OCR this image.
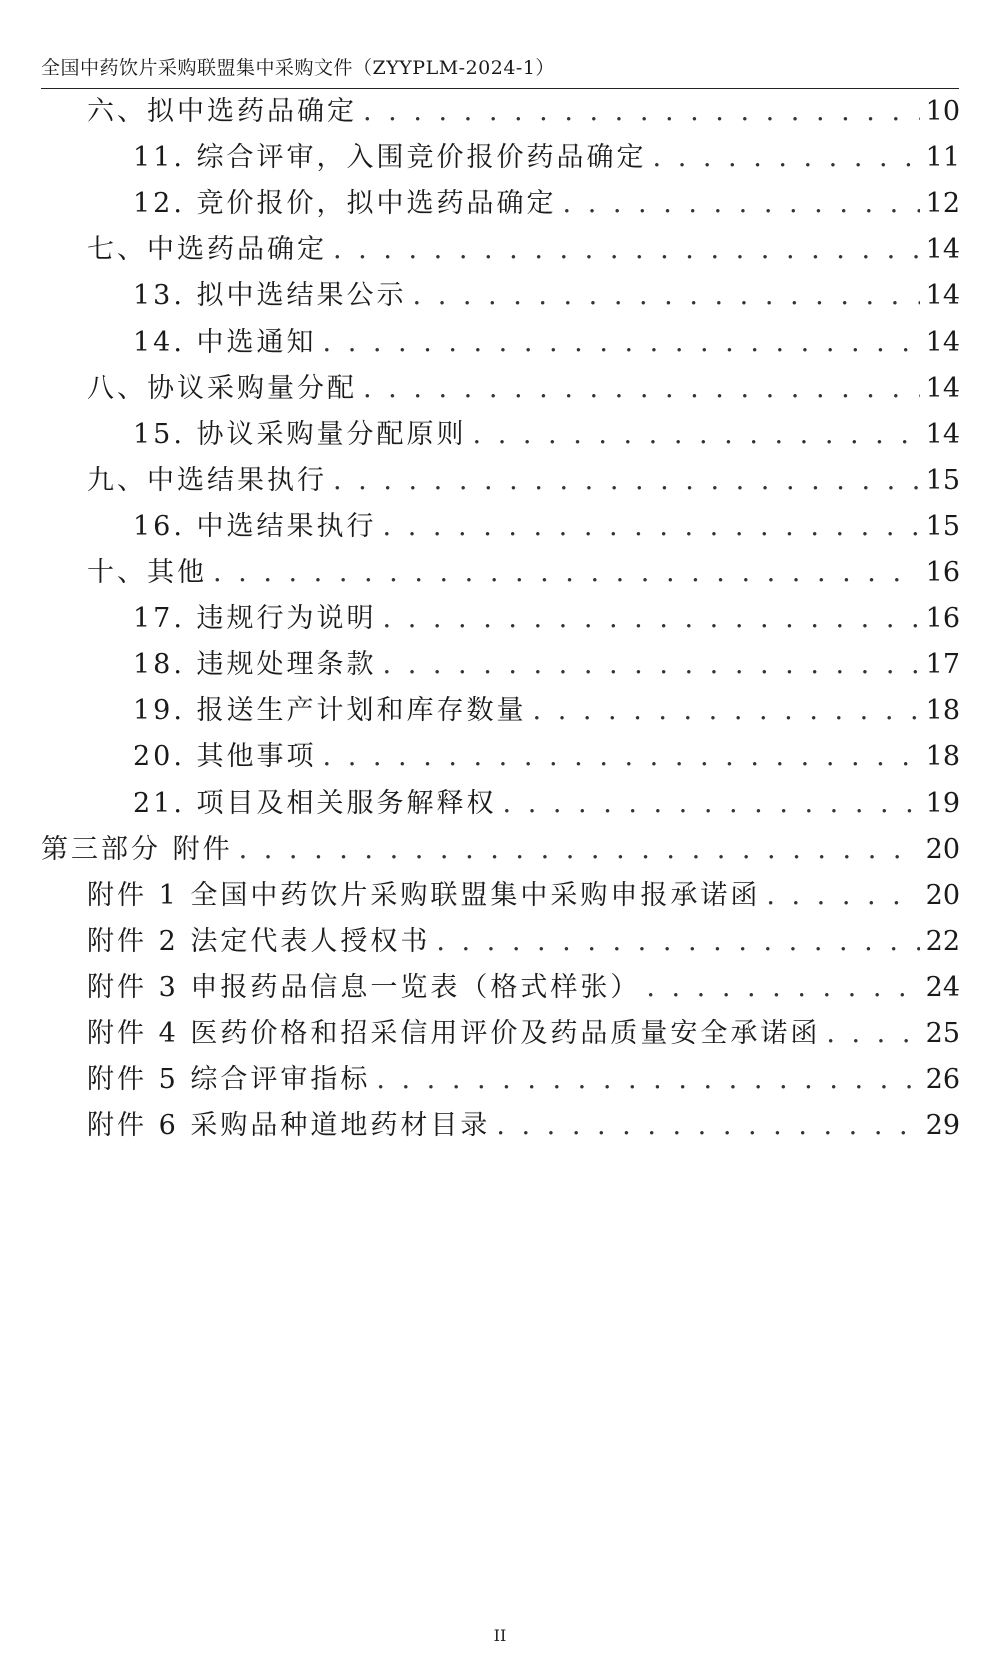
全国中药饮片采购联盟集中采购文件（ZYYPLM-2024-1）
六、拟中选药品确定 . . .	10
11. 综合评审，入围竞价报价药品确定 . . .	11
12. 竞价报价，拟中选药品确定 . . .	12
七、中选药品确定 . . .	14
13. 拟中选结果公示 . . .	14
14. 中选通知 . . .	14
八、协议采购量分配 . . .	14
15. 协议采购量分配原则 . . .	14
九、中选结果执行 . . .	15
16. 中选结果执行 . . .	15
十、其他 . . .	16
17. 违规行为说明 . . .	16
18. 违规处理条款 . . .	17
19. 报送生产计划和库存数量 . . .	18
20. 其他事项 . . .	18
21. 项目及相关服务解释权 . . .	19
第三部分 附件 . . .	20
附件 1 全国中药饮片采购联盟集中采购申报承诺函 . . .	20
附件 2 法定代表人授权书 . . .	22
附件 3 申报药品信息一览表（格式样张） . . .	24
附件 4 医药价格和招采信用评价及药品质量安全承诺函 . . .	25
附件 5 综合评审指标 . . .	26
附件 6 采购品种道地药材目录 . . .	29
II
